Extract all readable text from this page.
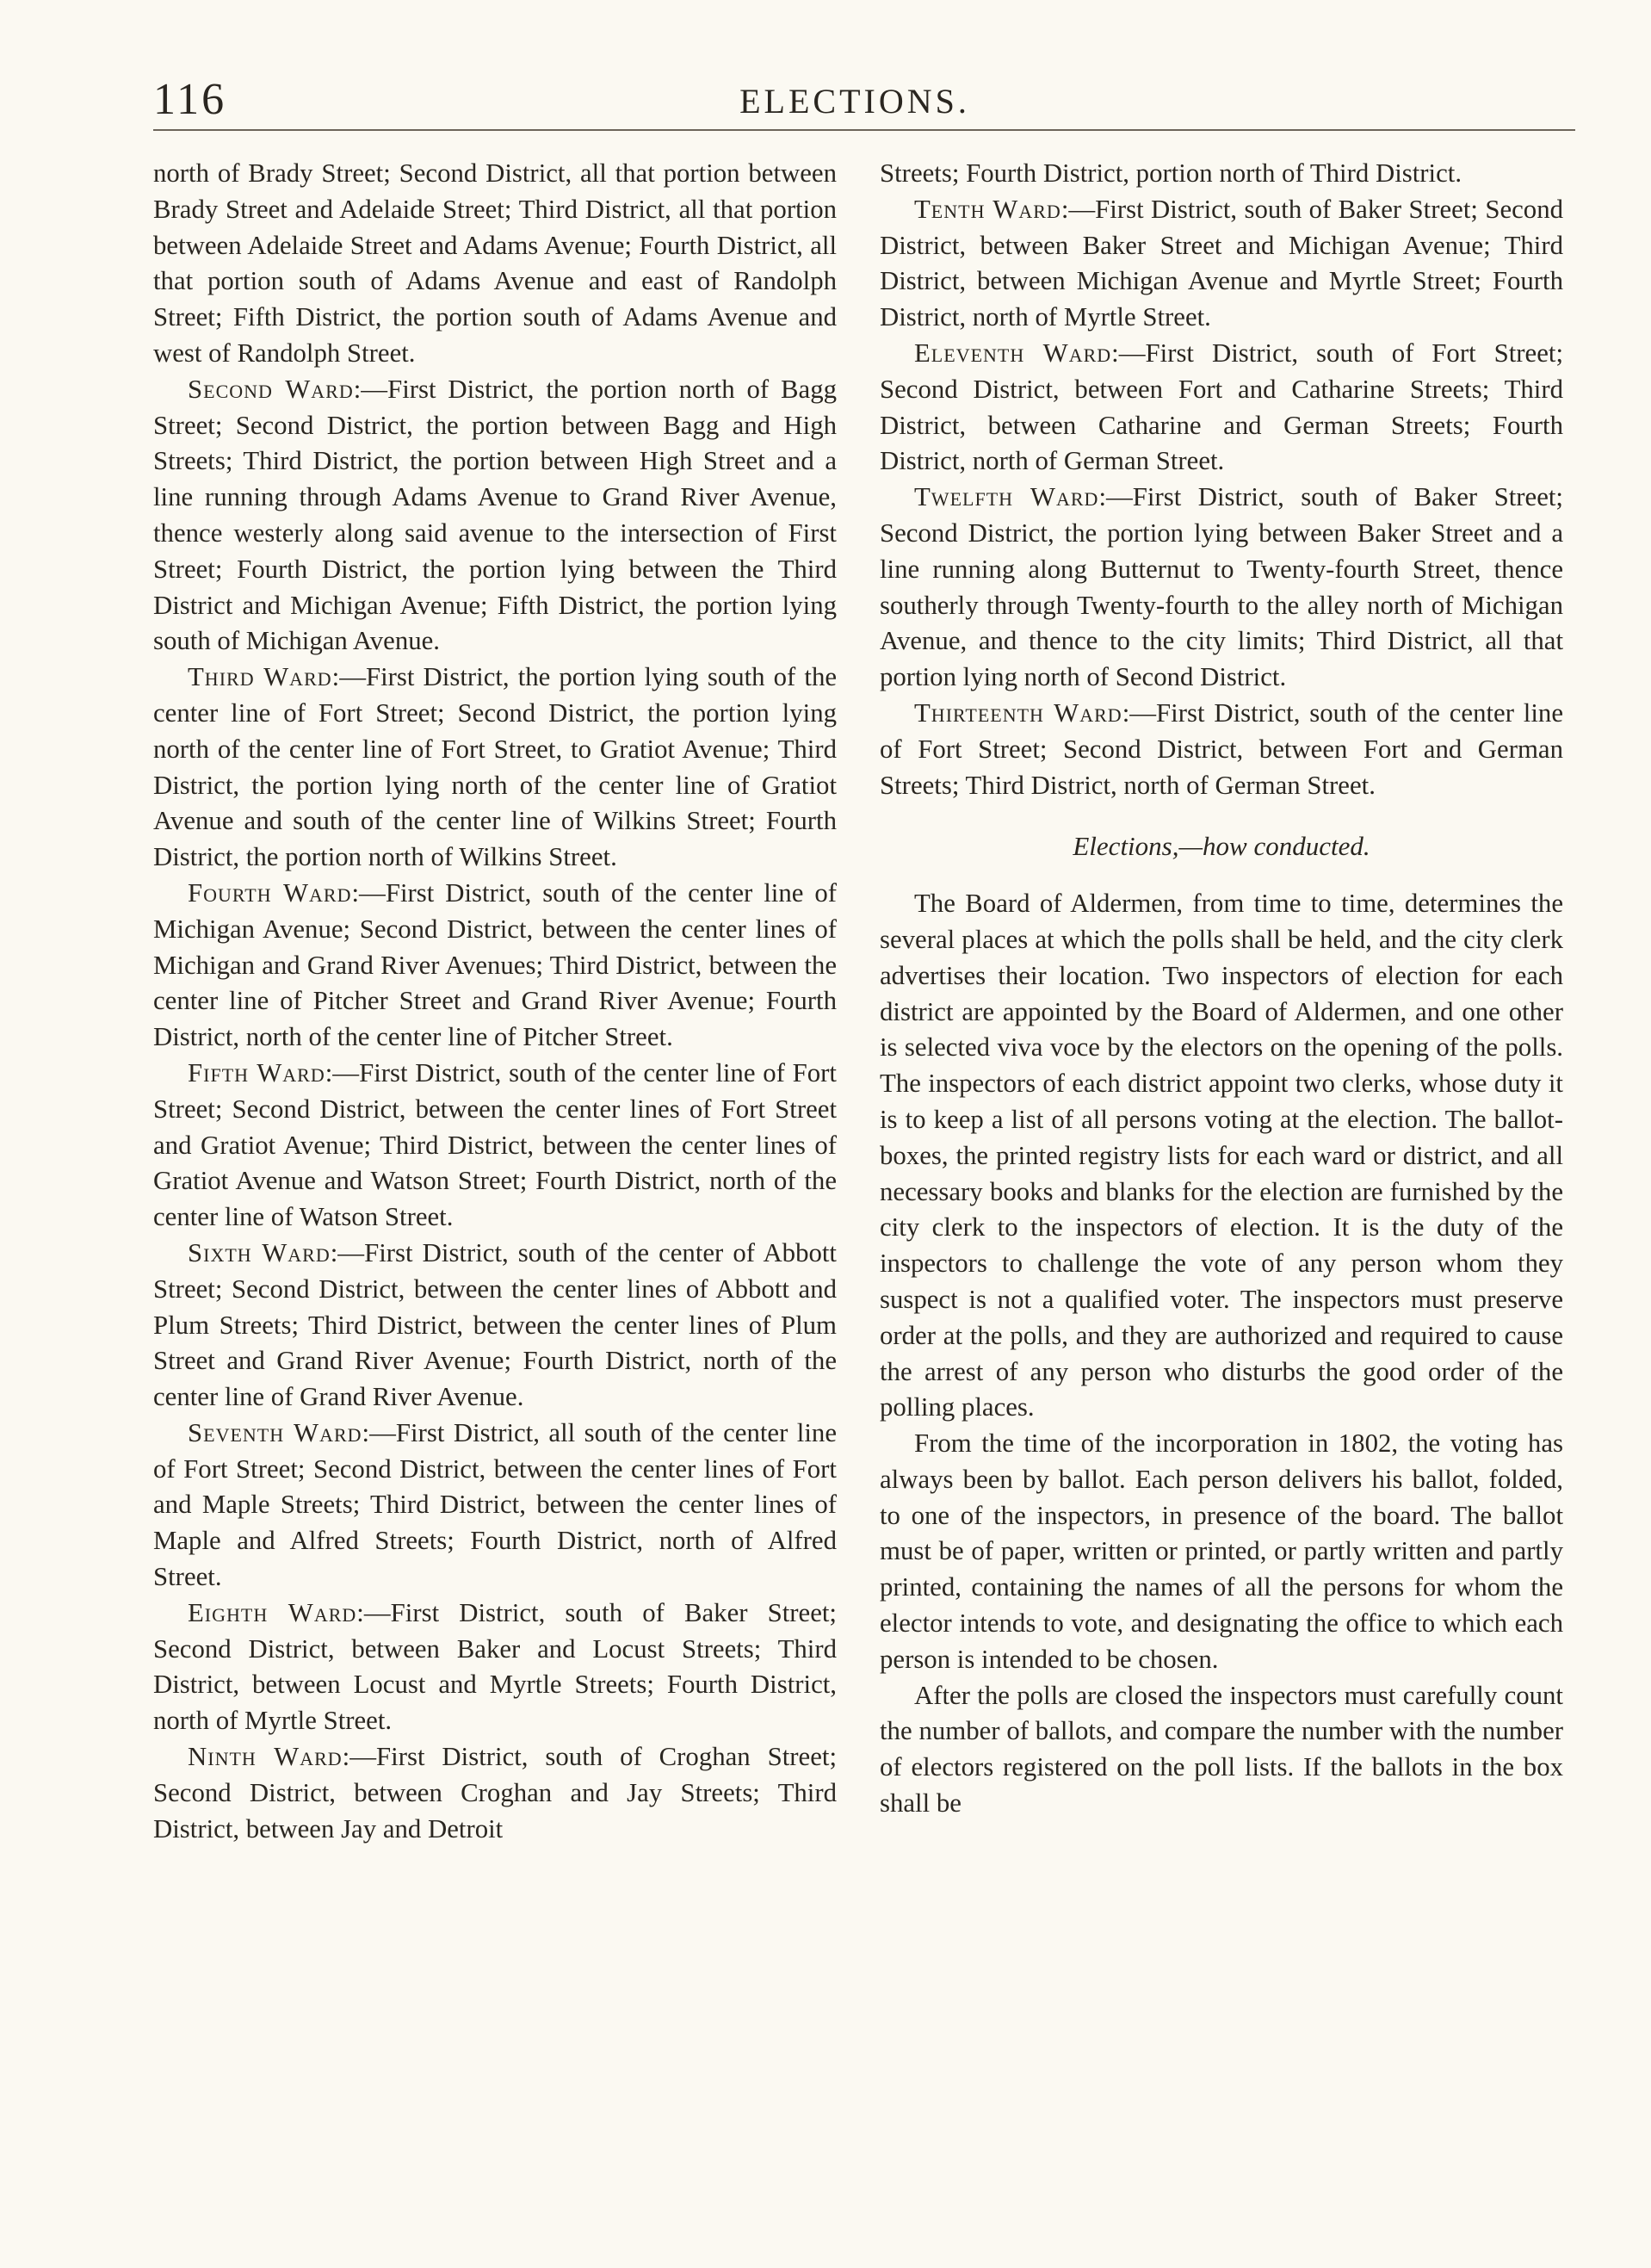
116	ELECTIONS.

north of Brady Street; Second District, all that portion between Brady Street and Adelaide Street; Third District, all that portion between Adelaide Street and Adams Avenue; Fourth District, all that portion south of Adams Avenue and east of Randolph Street; Fifth District, the portion south of Adams Avenue and west of Randolph Street.

Second Ward:—First District, the portion north of Bagg Street; Second District, the portion between Bagg and High Streets; Third District, the portion between High Street and a line running through Adams Avenue to Grand River Avenue, thence westerly along said avenue to the intersection of First Street; Fourth District, the portion lying between the Third District and Michigan Avenue; Fifth District, the portion lying south of Michigan Avenue.

Third Ward:—First District, the portion lying south of the center line of Fort Street; Second District, the portion lying north of the center line of Fort Street, to Gratiot Avenue; Third District, the portion lying north of the center line of Gratiot Avenue and south of the center line of Wilkins Street; Fourth District, the portion north of Wilkins Street.

Fourth Ward:—First District, south of the center line of Michigan Avenue; Second District, between the center lines of Michigan and Grand River Avenues; Third District, between the center line of Pitcher Street and Grand River Avenue; Fourth District, north of the center line of Pitcher Street.

Fifth Ward:—First District, south of the center line of Fort Street; Second District, between the center lines of Fort Street and Gratiot Avenue; Third District, between the center lines of Gratiot Avenue and Watson Street; Fourth District, north of the center line of Watson Street.

Sixth Ward:—First District, south of the center of Abbott Street; Second District, between the center lines of Abbott and Plum Streets; Third District, between the center lines of Plum Street and Grand River Avenue; Fourth District, north of the center line of Grand River Avenue.

Seventh Ward:—First District, all south of the center line of Fort Street; Second District, between the center lines of Fort and Maple Streets; Third District, between the center lines of Maple and Alfred Streets; Fourth District, north of Alfred Street.

Eighth Ward:—First District, south of Baker Street; Second District, between Baker and Locust Streets; Third District, between Locust and Myrtle Streets; Fourth District, north of Myrtle Street.

Ninth Ward:—First District, south of Croghan Street; Second District, between Croghan and Jay Streets; Third District, between Jay and Detroit

Streets; Fourth District, portion north of Third District.

Tenth Ward:—First District, south of Baker Street; Second District, between Baker Street and Michigan Avenue; Third District, between Michigan Avenue and Myrtle Street; Fourth District, north of Myrtle Street.

Eleventh Ward:—First District, south of Fort Street; Second District, between Fort and Catharine Streets; Third District, between Catharine and German Streets; Fourth District, north of German Street.

Twelfth Ward:—First District, south of Baker Street; Second District, the portion lying between Baker Street and a line running along Butternut to Twenty-fourth Street, thence southerly through Twenty-fourth to the alley north of Michigan Avenue, and thence to the city limits; Third District, all that portion lying north of Second District.

Thirteenth Ward:—First District, south of the center line of Fort Street; Second District, between Fort and German Streets; Third District, north of German Street.

Elections,—how conducted.

The Board of Aldermen, from time to time, determines the several places at which the polls shall be held, and the city clerk advertises their location. Two inspectors of election for each district are appointed by the Board of Aldermen, and one other is selected viva voce by the electors on the opening of the polls. The inspectors of each district appoint two clerks, whose duty it is to keep a list of all persons voting at the election. The ballot-boxes, the printed registry lists for each ward or district, and all necessary books and blanks for the election are furnished by the city clerk to the inspectors of election. It is the duty of the inspectors to challenge the vote of any person whom they suspect is not a qualified voter. The inspectors must preserve order at the polls, and they are authorized and required to cause the arrest of any person who disturbs the good order of the polling places.

From the time of the incorporation in 1802, the voting has always been by ballot. Each person delivers his ballot, folded, to one of the inspectors, in presence of the board. The ballot must be of paper, written or printed, or partly written and partly printed, containing the names of all the persons for whom the elector intends to vote, and designating the office to which each person is intended to be chosen.

After the polls are closed the inspectors must carefully count the number of ballots, and compare the number with the number of electors registered on the poll lists. If the ballots in the box shall be
